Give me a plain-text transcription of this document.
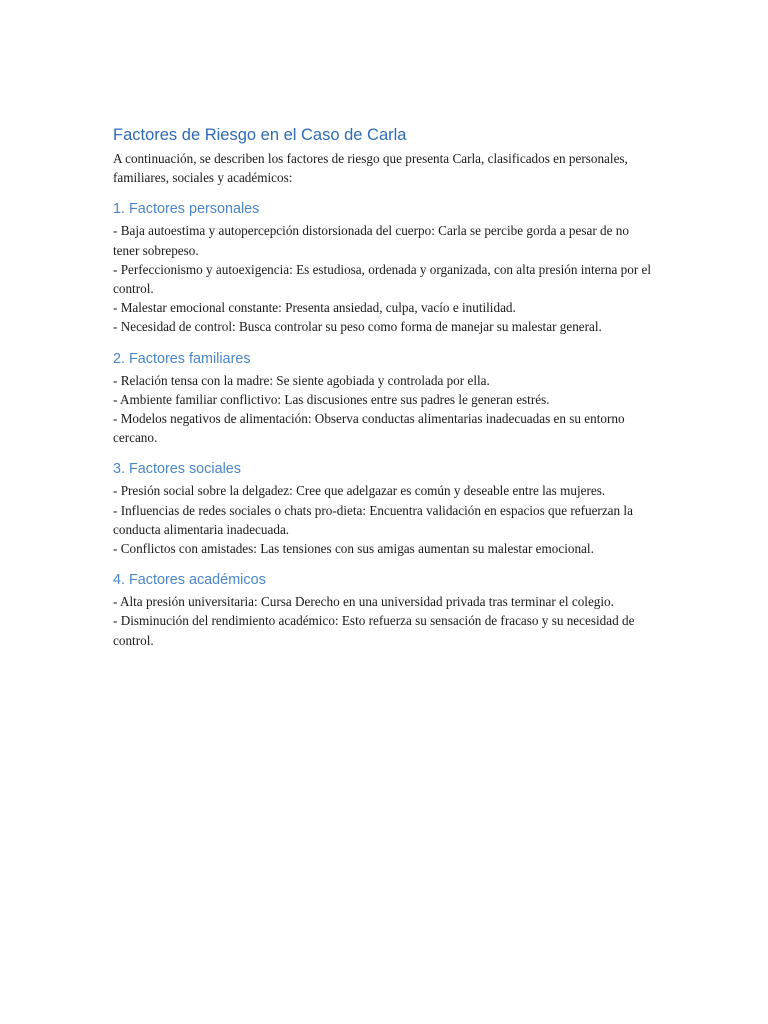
Factores de Riesgo en el Caso de Carla

A continuación, se describen los factores de riesgo que presenta Carla, clasificados en personales, familiares, sociales y académicos:

1. Factores personales
- Baja autoestima y autopercepción distorsionada del cuerpo: Carla se percibe gorda a pesar de no tener sobrepeso.
- Perfeccionismo y autoexigencia: Es estudiosa, ordenada y organizada, con alta presión interna por el control.
- Malestar emocional constante: Presenta ansiedad, culpa, vacío e inutilidad.
- Necesidad de control: Busca controlar su peso como forma de manejar su malestar general.
2. Factores familiares
- Relación tensa con la madre: Se siente agobiada y controlada por ella.
- Ambiente familiar conflictivo: Las discusiones entre sus padres le generan estrés.
- Modelos negativos de alimentación: Observa conductas alimentarias inadecuadas en su entorno cercano.
3. Factores sociales
- Presión social sobre la delgadez: Cree que adelgazar es común y deseable entre las mujeres.
- Influencias de redes sociales o chats pro-dieta: Encuentra validación en espacios que refuerzan la conducta alimentaria inadecuada.
- Conflictos con amistades: Las tensiones con sus amigas aumentan su malestar emocional.
4. Factores académicos
- Alta presión universitaria: Cursa Derecho en una universidad privada tras terminar el colegio.
- Disminución del rendimiento académico: Esto refuerza su sensación de fracaso y su necesidad de control.
